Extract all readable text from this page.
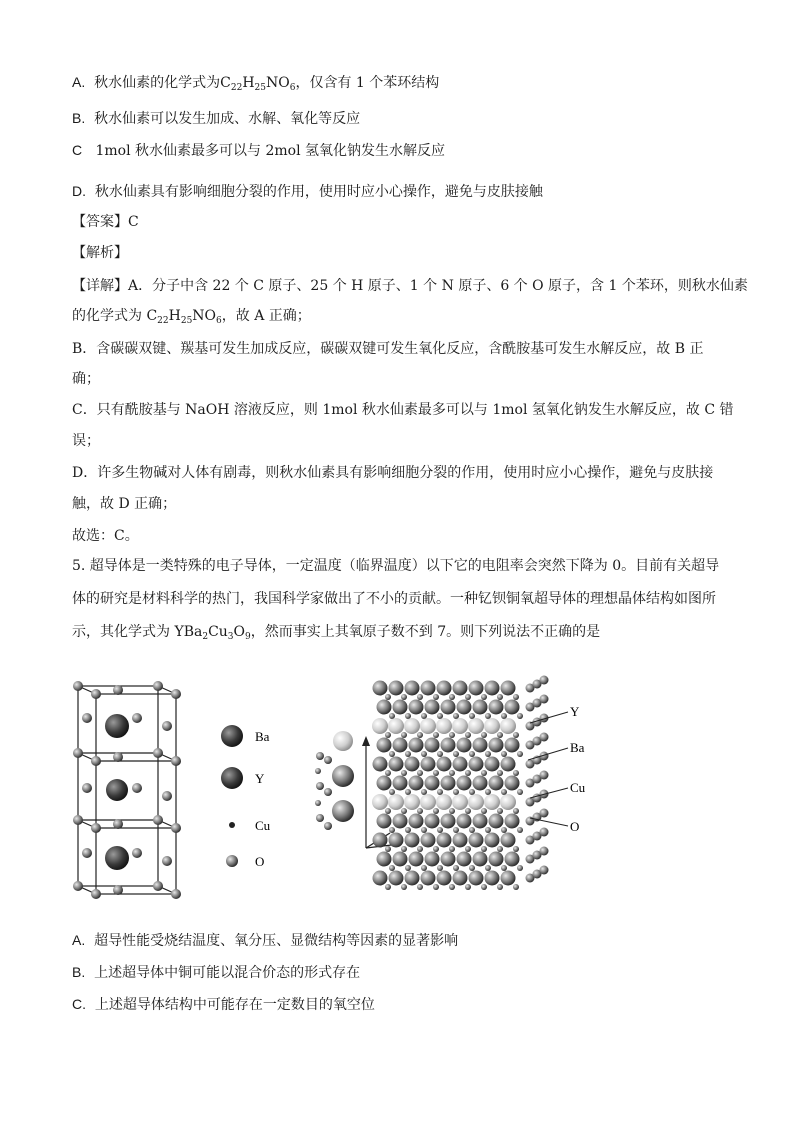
A. 秋水仙素的化学式为$C_{22}H_{25}NO_6$，仅含有 1 个苯环结构
B. 秋水仙素可以发生加成、水解、氧化等反应
C 1mol 秋水仙素最多可以与 2mol 氢氧化钠发生水解反应
D. 秋水仙素具有影响细胞分裂的作用，使用时应小心操作，避免与皮肤接触
【答案】C
【解析】
【详解】A．分子中含 22 个 C 原子、25 个 H 原子、1 个 N 原子、6 个 O 原子，含 1 个苯环，则秋水仙素
的化学式为 $C_{22}H_{25}NO_6$，故 A 正确；
B．含碳碳双键、羰基可发生加成反应，碳碳双键可发生氧化反应，含酰胺基可发生水解反应，故 B 正
确；
C．只有酰胺基与 NaOH 溶液反应，则 1mol 秋水仙素最多可以与 1mol 氢氧化钠发生水解反应，故 C 错
误；
D．许多生物碱对人体有剧毒，则秋水仙素具有影响细胞分裂的作用，使用时应小心操作，避免与皮肤接
触，故 D 正确；
故选：C。
5. 超导体是一类特殊的电子导体，一定温度（临界温度）以下它的电阻率会突然下降为 0。目前有关超导
体的研究是材料科学的热门，我国科学家做出了不小的贡献。一种钇钡铜氧超导体的理想晶体结构如图所
示，其化学式为 $YBa_2Cu_3O_9$，然而事实上其氧原子数不到 7。则下列说法不正确的是
Ba
Y
Cu
O
Y
Ba
Cu
O
A. 超导性能受烧结温度、氧分压、显微结构等因素的显著影响
B. 上述超导体中铜可能以混合价态的形式存在
C. 上述超导体结构中可能存在一定数目的氧空位
